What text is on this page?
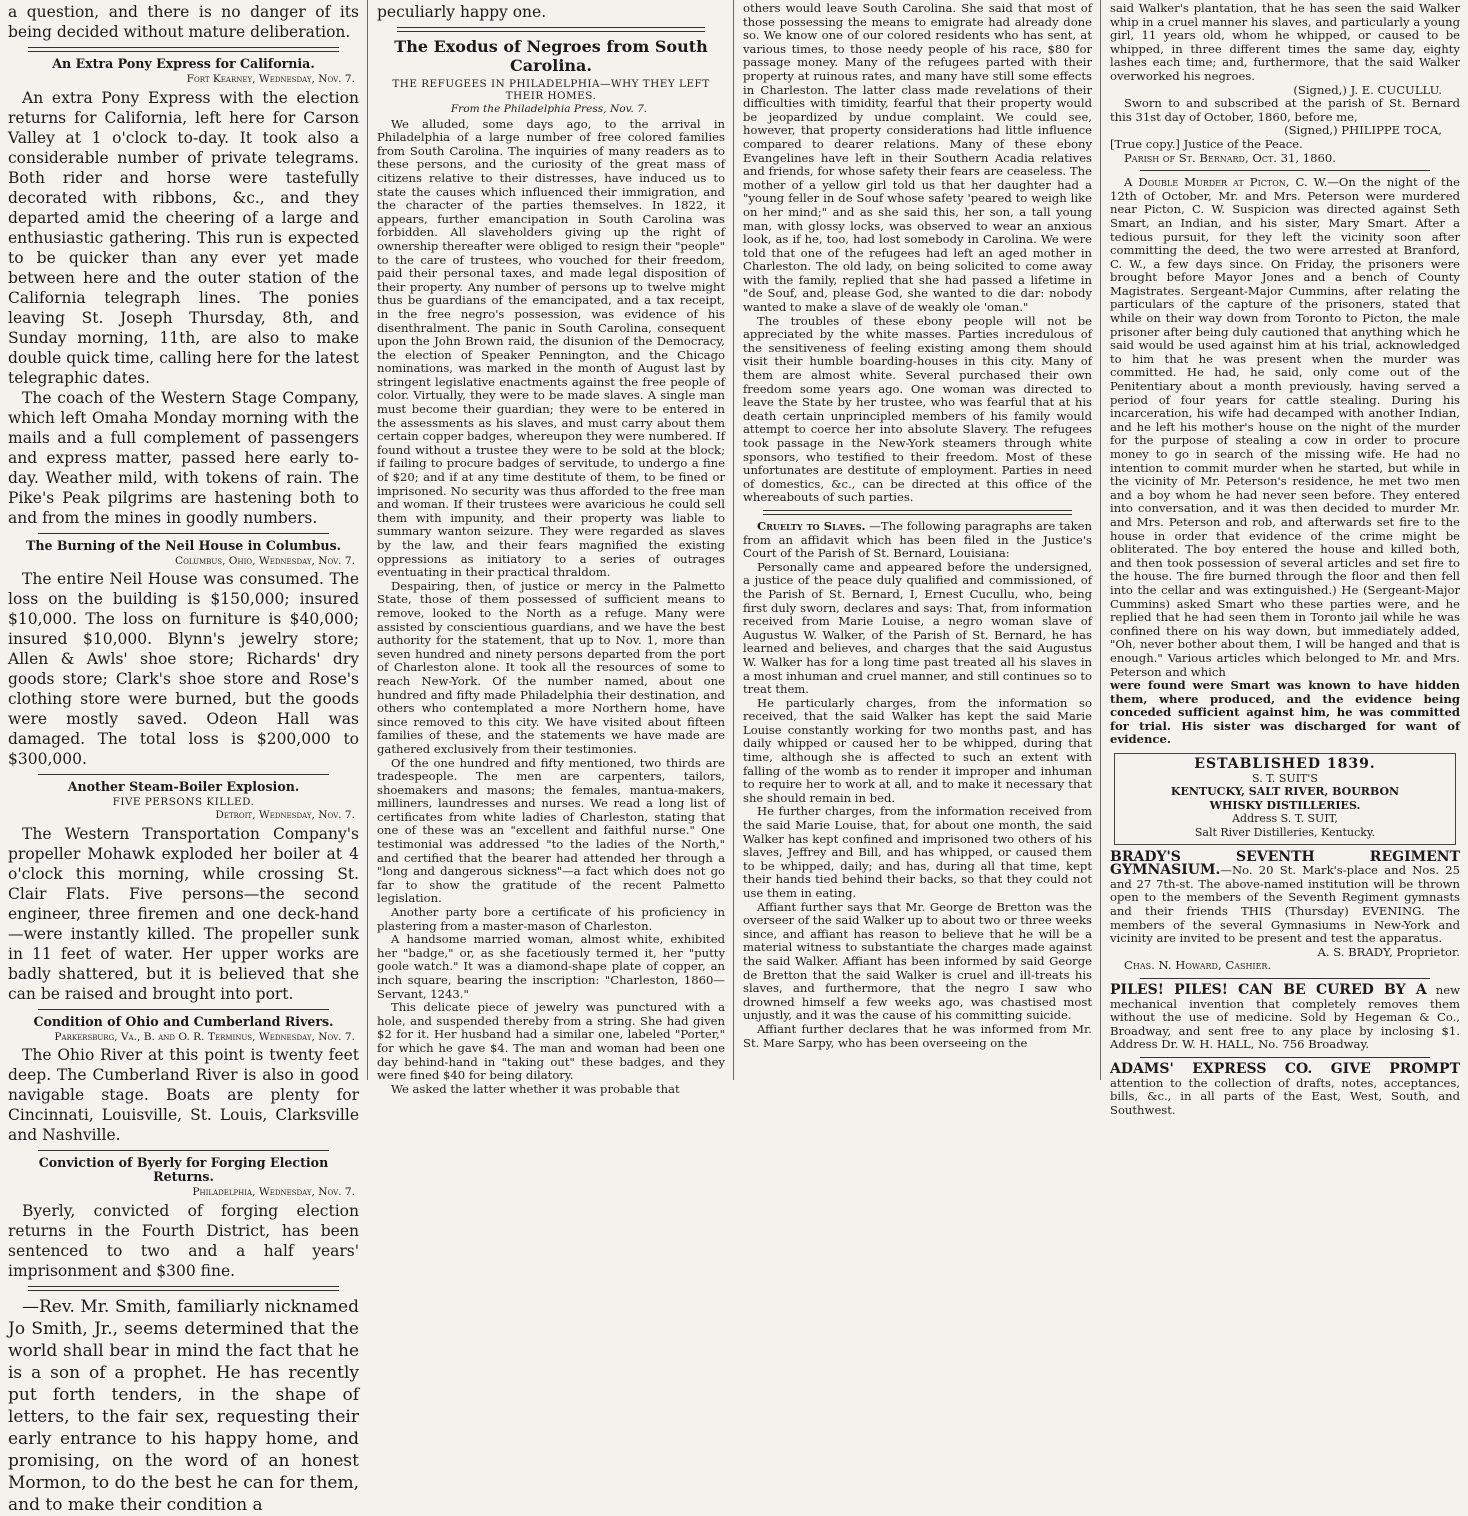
a question, and there is no danger of its being decided without mature deliberation.

An Extra Pony Express for California.
Fort Kearney, Wednesday, Nov. 7.

An extra Pony Express with the election returns for California, left here for Carson Valley at 1 o'clock to-day. It took also a considerable number of private telegrams. Both rider and horse were tastefully decorated with ribbons, &c., and they departed amid the cheering of a large and enthusiastic gathering. This run is expected to be quicker than any ever yet made between here and the outer station of the California telegraph lines. The ponies leaving St. Joseph Thursday, 8th, and Sunday morning, 11th, are also to make double quick time, calling here for the latest telegraphic dates.

The coach of the Western Stage Company, which left Omaha Monday morning with the mails and a full complement of passengers and express matter, passed here early to-day. Weather mild, with tokens of rain. The Pike's Peak pilgrims are hastening both to and from the mines in goodly numbers.

The Burning of the Neil House in Columbus.
Columbus, Ohio, Wednesday, Nov. 7.

The entire Neil House was consumed. The loss on the building is $150,000; insured $10,000. The loss on furniture is $40,000; insured $10,000. Blynn's jewelry store; Allen & Awls' shoe store; Richards' dry goods store; Clark's shoe store and Rose's clothing store were burned, but the goods were mostly saved. Odeon Hall was damaged. The total loss is $200,000 to $300,000.

Another Steam-Boiler Explosion.
FIVE PERSONS KILLED.
Detroit, Wednesday, Nov. 7.

The Western Transportation Company's propeller Mohawk exploded her boiler at 4 o'clock this morning, while crossing St. Clair Flats. Five persons—the second engineer, three firemen and one deck-hand—were instantly killed. The propeller sunk in 11 feet of water. Her upper works are badly shattered, but it is believed that she can be raised and brought into port.

Condition of Ohio and Cumberland Rivers.
Parkersburg, Va., B. and O. R. Terminus, Wednesday, Nov. 7.

The Ohio River at this point is twenty feet deep. The Cumberland River is also in good navigable stage. Boats are plenty for Cincinnati, Louisville, St. Louis, Clarksville and Nashville.

Conviction of Byerly for Forging Election Returns.
Philadelphia, Wednesday, Nov. 7.

Byerly, convicted of forging election returns in the Fourth District, has been sentenced to two and a half years' imprisonment and $300 fine.

—Rev. Mr. Smith, familiarly nicknamed Jo Smith, Jr., seems determined that the world shall bear in mind the fact that he is a son of a prophet. He has recently put forth tenders, in the shape of letters, to the fair sex, requesting their early entrance to his happy home, and promising, on the word of an honest Mormon, to do the best he can for them, and to make their condition a

peculiarly happy one.

The Exodus of Negroes from South Carolina.
THE REFUGEES IN PHILADELPHIA—WHY THEY LEFT THEIR HOMES.
From the Philadelphia Press, Nov. 7.

We alluded, some days ago, to the arrival in Philadelphia of a large number of free colored families from South Carolina. The inquiries of many readers as to these persons, and the curiosity of the great mass of citizens relative to their distresses, have induced us to state the causes which influenced their immigration, and the character of the parties themselves. In 1822, it appears, further emancipation in South Carolina was forbidden. All slaveholders giving up the right of ownership thereafter were obliged to resign their "people" to the care of trustees, who vouched for their freedom, paid their personal taxes, and made legal disposition of their property. Any number of persons up to twelve might thus be guardians of the emancipated, and a tax receipt, in the free negro's possession, was evidence of his disenthralment. The panic in South Carolina, consequent upon the John Brown raid, the disunion of the Democracy, the election of Speaker Pennington, and the Chicago nominations, was marked in the month of August last by stringent legislative enactments against the free people of color. Virtually, they were to be made slaves. A single man must become their guardian; they were to be entered in the assessments as his slaves, and must carry about them certain copper badges, whereupon they were numbered. If found without a trustee they were to be sold at the block; if failing to procure badges of servitude, to undergo a fine of $20; and if at any time destitute of them, to be fined or imprisoned. No security was thus afforded to the free man and woman. If their trustees were avaricious he could sell them with impunity, and their property was liable to summary wanton seizure. They were regarded as slaves by the law, and their fears magnified the existing oppressions as initiatory to a series of outrages eventuating in their practical thraldom.

Despairing, then, of justice or mercy in the Palmetto State, those of them possessed of sufficient means to remove, looked to the North as a refuge. Many were assisted by conscientious guardians, and we have the best authority for the statement, that up to Nov. 1, more than seven hundred and ninety persons departed from the port of Charleston alone. It took all the resources of some to reach New-York. Of the number named, about one hundred and fifty made Philadelphia their destination, and others who contemplated a more Northern home, have since removed to this city. We have visited about fifteen families of these, and the statements we have made are gathered exclusively from their testimonies.

Of the one hundred and fifty mentioned, two thirds are tradespeople. The men are carpenters, tailors, shoemakers and masons; the females, mantua-makers, milliners, laundresses and nurses. We read a long list of certificates from white ladies of Charleston, stating that one of these was an "excellent and faithful nurse." One testimonial was addressed "to the ladies of the North," and certified that the bearer had attended her through a "long and dangerous sickness"—a fact which does not go far to show the gratitude of the recent Palmetto legislation.

Another party bore a certificate of his proficiency in plastering from a master-mason of Charleston.

A handsome married woman, almost white, exhibited her "badge," or, as she facetiously termed it, her "putty goole watch." It was a diamond-shape plate of copper, an inch square, bearing the inscription: "Charleston, 1860—Servant, 1243."

This delicate piece of jewelry was punctured with a hole, and suspended thereby from a string. She had given $2 for it. Her husband had a similar one, labeled "Porter," for which he gave $4. The man and woman had been one day behind-hand in "taking out" these badges, and they were fined $40 for being dilatory.

We asked the latter whether it was probable that

others would leave South Carolina. She said that most of those possessing the means to emigrate had already done so. We know one of our colored residents who has sent, at various times, to those needy people of his race, $80 for passage money. Many of the refugees parted with their property at ruinous rates, and many have still some effects in Charleston. The latter class made revelations of their difficulties with timidity, fearful that their property would be jeopardized by undue complaint. We could see, however, that property considerations had little influence compared to dearer relations. Many of these ebony Evangelines have left in their Southern Acadia relatives and friends, for whose safety their fears are ceaseless. The mother of a yellow girl told us that her daughter had a "young feller in de Souf whose safety 'peared to weigh like on her mind;" and as she said this, her son, a tall young man, with glossy locks, was observed to wear an anxious look, as if he, too, had lost somebody in Carolina. We were told that one of the refugees had left an aged mother in Charleston. The old lady, on being solicited to come away with the family, replied that she had passed a lifetime in "de Souf, and, please God, she wanted to die dar: nobody wanted to make a slave of de weakly ole 'oman."

The troubles of these ebony people will not be appreciated by the white masses. Parties incredulous of the sensitiveness of feeling existing among them should visit their humble boarding-houses in this city. Many of them are almost white. Several purchased their own freedom some years ago. One woman was directed to leave the State by her trustee, who was fearful that at his death certain unprincipled members of his family would attempt to coerce her into absolute Slavery. The refugees took passage in the New-York steamers through white sponsors, who testified to their freedom. Most of these unfortunates are destitute of employment. Parties in need of domestics, &c., can be directed at this office of the whereabouts of such parties.

Cruelty to Slaves. —The following paragraphs are taken from an affidavit which has been filed in the Justice's Court of the Parish of St. Bernard, Louisiana:

Personally came and appeared before the undersigned, a justice of the peace duly qualified and commissioned, of the Parish of St. Bernard, I, Ernest Cucullu, who, being first duly sworn, declares and says: That, from information received from Marie Louise, a negro woman slave of Augustus W. Walker, of the Parish of St. Bernard, he has learned and believes, and charges that the said Augustus W. Walker has for a long time past treated all his slaves in a most inhuman and cruel manner, and still continues so to treat them.

He particularly charges, from the information so received, that the said Walker has kept the said Marie Louise constantly working for two months past, and has daily whipped or caused her to be whipped, during that time, although she is affected to such an extent with falling of the womb as to render it improper and inhuman to require her to work at all, and to make it necessary that she should remain in bed.

He further charges, from the information received from the said Marie Louise, that, for about one month, the said Walker has kept confined and imprisoned two others of his slaves, Jeffrey and Bill, and has whipped, or caused them to be whipped, daily; and has, during all that time, kept their hands tied behind their backs, so that they could not use them in eating.

Affiant further says that Mr. George de Bretton was the overseer of the said Walker up to about two or three weeks since, and affiant has reason to believe that he will be a material witness to substantiate the charges made against the said Walker. Affiant has been informed by said George de Bretton that the said Walker is cruel and ill-treats his slaves, and furthermore, that the negro I saw who drowned himself a few weeks ago, was chastised most unjustly, and it was the cause of his committing suicide.

Affiant further declares that he was informed from Mr. St. Mare Sarpy, who has been overseeing on the

said Walker's plantation, that he has seen the said Walker whip in a cruel manner his slaves, and particularly a young girl, 11 years old, whom he whipped, or caused to be whipped, in three different times the same day, eighty lashes each time; and, furthermore, that the said Walker overworked his negroes.

(Signed,) J. E. CUCULLU.

Sworn to and subscribed at the parish of St. Bernard this 31st day of October, 1860, before me,

(Signed,) PHILIPPE TOCA,

[True copy.] Justice of the Peace.

Parish of St. Bernard, Oct. 31, 1860.

A Double Murder at Picton, C. W.—On the night of the 12th of October, Mr. and Mrs. Peterson were murdered near Picton, C. W. Suspicion was directed against Seth Smart, an Indian, and his sister, Mary Smart. After a tedious pursuit, for they left the vicinity soon after committing the deed, the two were arrested at Branford, C. W., a few days since. On Friday, the prisoners were brought before Mayor Jones and a bench of County Magistrates. Sergeant-Major Cummins, after relating the particulars of the capture of the prisoners, stated that while on their way down from Toronto to Picton, the male prisoner after being duly cautioned that anything which he said would be used against him at his trial, acknowledged to him that he was present when the murder was committed. He had, he said, only come out of the Penitentiary about a month previously, having served a period of four years for cattle stealing. During his incarceration, his wife had decamped with another Indian, and he left his mother's house on the night of the murder for the purpose of stealing a cow in order to procure money to go in search of the missing wife. He had no intention to commit murder when he started, but while in the vicinity of Mr. Peterson's residence, he met two men and a boy whom he had never seen before. They entered into conversation, and it was then decided to murder Mr. and Mrs. Peterson and rob, and afterwards set fire to the house in order that evidence of the crime might be obliterated. The boy entered the house and killed both, and then took possession of several articles and set fire to the house. The fire burned through the floor and then fell into the cellar and was extinguished.) He (Sergeant-Major Cummins) asked Smart who these parties were, and he replied that he had seen them in Toronto jail while he was confined there on his way down, but immediately added, "Oh, never bother about them, I will be hanged and that is enough." Various articles which belonged to Mr. and Mrs. Peterson and which

were found were Smart was known to have hidden them, where produced, and the evidence being conceded sufficient against him, he was committed for trial. His sister was discharged for want of evidence.

ESTABLISHED 1839.
S. T. SUIT'S
KENTUCKY, SALT RIVER, BOURBON
WHISKY DISTILLERIES.
Address S. T. SUIT,
Salt River Distilleries, Kentucky.

BRADY'S SEVENTH REGIMENT GYMNASIUM.—No. 20 St. Mark's-place and Nos. 25 and 27 7th-st. The above-named institution will be thrown open to the members of the Seventh Regiment gymnasts and their friends THIS (Thursday) EVENING. The members of the several Gymnasiums in New-York and vicinity are invited to be present and test the apparatus.

A. S. BRADY, Proprietor.

Chas. N. Howard, Cashier.

PILES! PILES! CAN BE CURED BY A new mechanical invention that completely removes them without the use of medicine. Sold by Hegeman & Co., Broadway, and sent free to any place by inclosing $1. Address Dr. W. H. HALL, No. 756 Broadway.

ADAMS' EXPRESS CO. GIVE PROMPT attention to the collection of drafts, notes, acceptances, bills, &c., in all parts of the East, West, South, and Southwest.
